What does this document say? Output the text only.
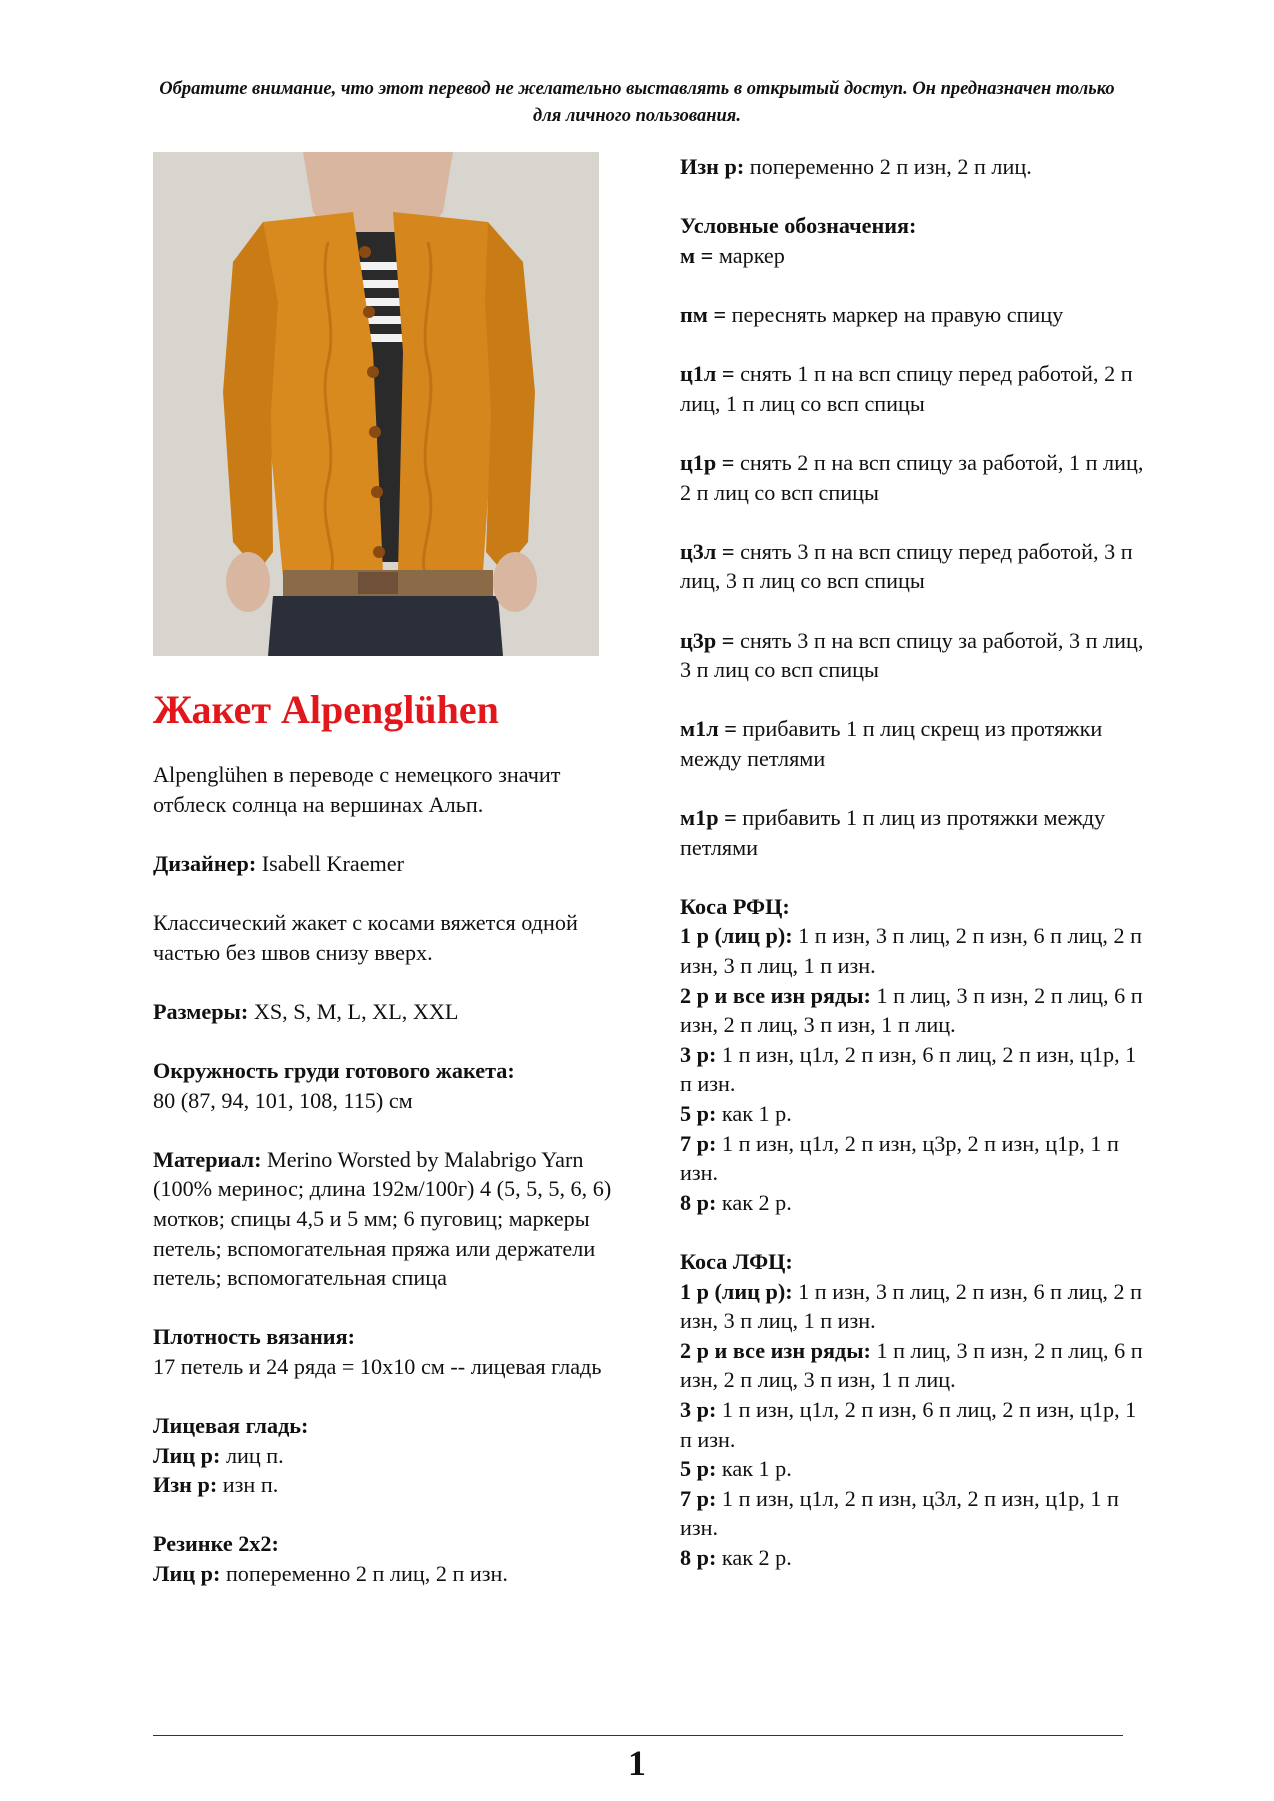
Обратите внимание, что этот перевод не желательно выставлять в открытый доступ. Он предназначен только для личного пользования.
Жакет Alpenglühen
Alpenglühen в переводе с немецкого значит отблеск солнца на вершинах Альп.
Дизайнер: Isabell Kraemer
Классический жакет с косами вяжется одной частью без швов снизу вверх.
Размеры: XS, S, M, L, XL, XXL
Окружность груди готового жакета:
80 (87, 94, 101, 108, 115) см
Материал: Merino Worsted by Malabrigo Yarn (100% меринос; длина 192м/100г) 4 (5, 5, 5, 6, 6) мотков; спицы 4,5 и 5 мм; 6 пуговиц; маркеры петель; вспомогательная пряжа или держатели петель; вспомогательная спица
Плотность вязания:
17 петель и 24 ряда = 10x10 см -- лицевая гладь
Лицевая гладь:
Лиц р: лиц п.
Изн р: изн п.
Резинке 2x2:
Лиц р: попеременно 2 п лиц, 2 п изн.
Изн р: попеременно 2 п изн, 2 п лиц.
Условные обозначения:
м = маркер
пм = переснять маркер на правую спицу
ц1л = снять 1 п на всп спицу перед работой, 2 п лиц, 1 п лиц со всп спицы
ц1р = снять 2 п на всп спицу за работой, 1 п лиц, 2 п лиц со всп спицы
ц3л = снять 3 п на всп спицу перед работой, 3 п лиц, 3 п лиц со всп спицы
ц3р = снять 3 п на всп спицу за работой, 3 п лиц, 3 п лиц со всп спицы
м1л = прибавить 1 п лиц скрещ из протяжки между петлями
м1р = прибавить 1 п лиц из протяжки между петлями
Коса РФЦ:
1 р (лиц р): 1 п изн, 3 п лиц, 2 п изн, 6 п лиц, 2 п изн, 3 п лиц, 1 п изн.
2 р и все изн ряды: 1 п лиц, 3 п изн, 2 п лиц, 6 п изн, 2 п лиц, 3 п изн, 1 п лиц.
3 р: 1 п изн, ц1л, 2 п изн, 6 п лиц, 2 п изн, ц1р, 1 п изн.
5 р: как 1 р.
7 р: 1 п изн, ц1л, 2 п изн, ц3р, 2 п изн, ц1р, 1 п изн.
8 р: как 2 р.
Коса ЛФЦ:
1 р (лиц р): 1 п изн, 3 п лиц, 2 п изн, 6 п лиц, 2 п изн, 3 п лиц, 1 п изн.
2 р и все изн ряды: 1 п лиц, 3 п изн, 2 п лиц, 6 п изн, 2 п лиц, 3 п изн, 1 п лиц.
3 р: 1 п изн, ц1л, 2 п изн, 6 п лиц, 2 п изн, ц1р, 1 п изн.
5 р: как 1 р.
7 р: 1 п изн, ц1л, 2 п изн, ц3л, 2 п изн, ц1р, 1 п изн.
8 р: как 2 р.
1
